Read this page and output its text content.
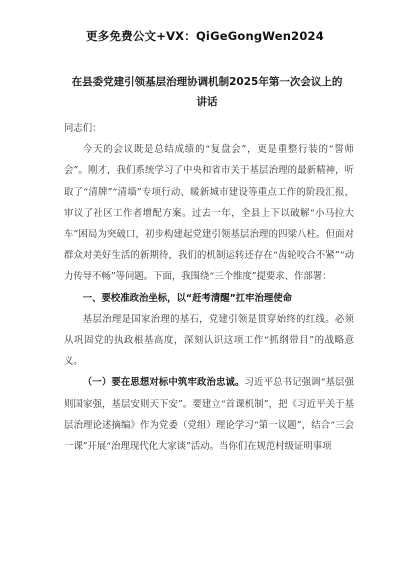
更多免费公文+VX：QiGeGongWen2024
在县委党建引领基层治理协调机制2025年第一次会议上的
讲话

同志们：

今天的会议既是总结成绩的“复盘会”，更是重整行装的“誓师会”。刚才，我们系统学习了中央和省市关于基层治理的最新精神，听取了“清牌”“清墙”专项行动、暖新城市建设等重点工作的阶段汇报，审议了社区工作者增配方案。过去一年，全县上下以破解“小马拉大车”困局为突破口，初步构建起党建引领基层治理的四梁八柱。但面对群众对美好生活的新期待，我们的机制运转还存在“齿轮咬合不紧”“动力传导不畅”等问题。下面，我围绕“三个维度”提要求、作部署：

一、要校准政治坐标，以“赶考清醒”扛牢治理使命

基层治理是国家治理的基石，党建引领是贯穿始终的红线。必须从巩固党的执政根基高度，深刻认识这项工作“抓纲带目”的战略意义。

（一）要在思想对标中筑牢政治忠诚。习近平总书记强调“基层强则国家强，基层安则天下安”。要建立“首课机制”，把《习近平关于基层治理论述摘编》作为党委（党组）理论学习“第一议题”，结合“三会一课”开展“治理现代化大家谈”活动。当你们在规范村级证明事项
